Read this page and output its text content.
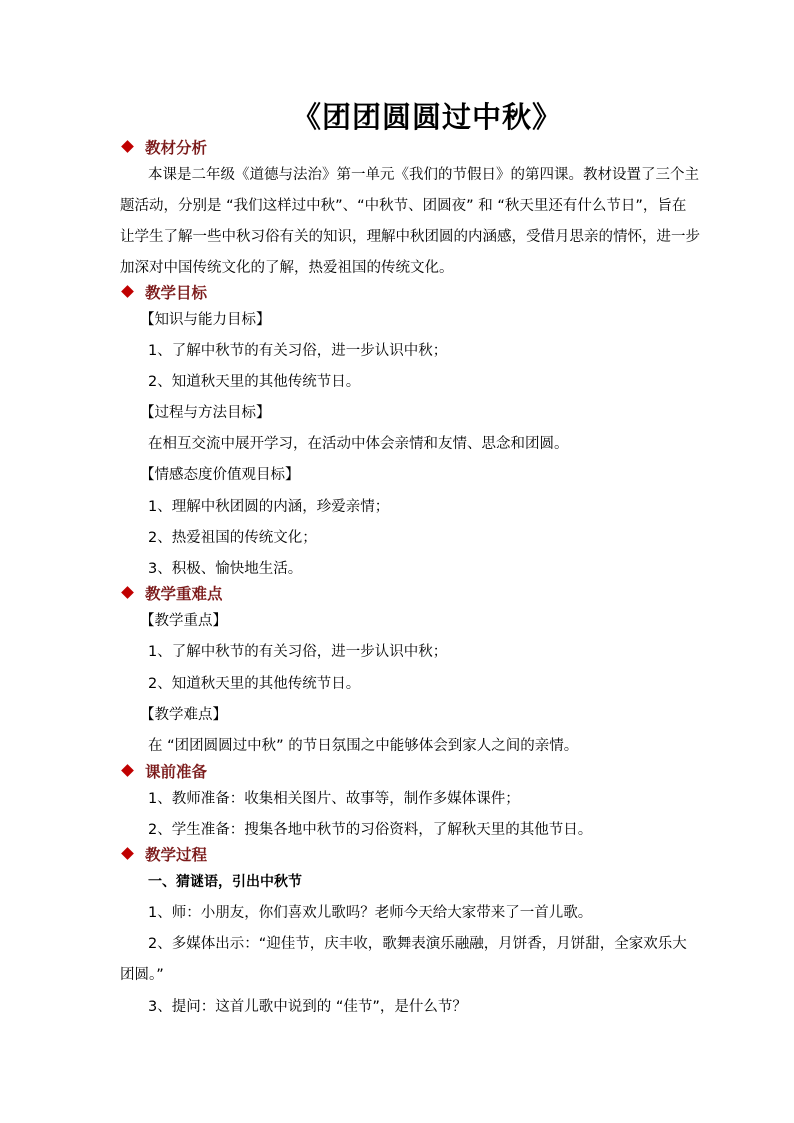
《团团圆圆过中秋》
教材分析
本课是二年级《道德与法治》第一单元《我们的节假日》的第四课。教材设置了三个主
题活动，分别是 “我们这样过中秋”、“中秋节、团圆夜” 和 “秋天里还有什么节日”，旨在
让学生了解一些中秋习俗有关的知识，理解中秋团圆的内涵感，受借月思亲的情怀，进一步
加深对中国传统文化的了解，热爱祖国的传统文化。
教学目标
【知识与能力目标】
1、了解中秋节的有关习俗，进一步认识中秋；
2、知道秋天里的其他传统节日。
【过程与方法目标】
在相互交流中展开学习，在活动中体会亲情和友情、思念和团圆。
【情感态度价值观目标】
1、理解中秋团圆的内涵，珍爱亲情；
2、热爱祖国的传统文化；
3、积极、愉快地生活。
教学重难点
【教学重点】
1、了解中秋节的有关习俗，进一步认识中秋；
2、知道秋天里的其他传统节日。
【教学难点】
在 “团团圆圆过中秋” 的节日氛围之中能够体会到家人之间的亲情。
课前准备
1、教师准备：收集相关图片、故事等，制作多媒体课件；
2、学生准备：搜集各地中秋节的习俗资料，了解秋天里的其他节日。
教学过程
一、猜谜语，引出中秋节
1、师：小朋友，你们喜欢儿歌吗？老师今天给大家带来了一首儿歌。
2、多媒体出示：“迎佳节，庆丰收，歌舞表演乐融融，月饼香，月饼甜，全家欢乐大
团圆。”
3、提问：这首儿歌中说到的 “佳节”，是什么节？
